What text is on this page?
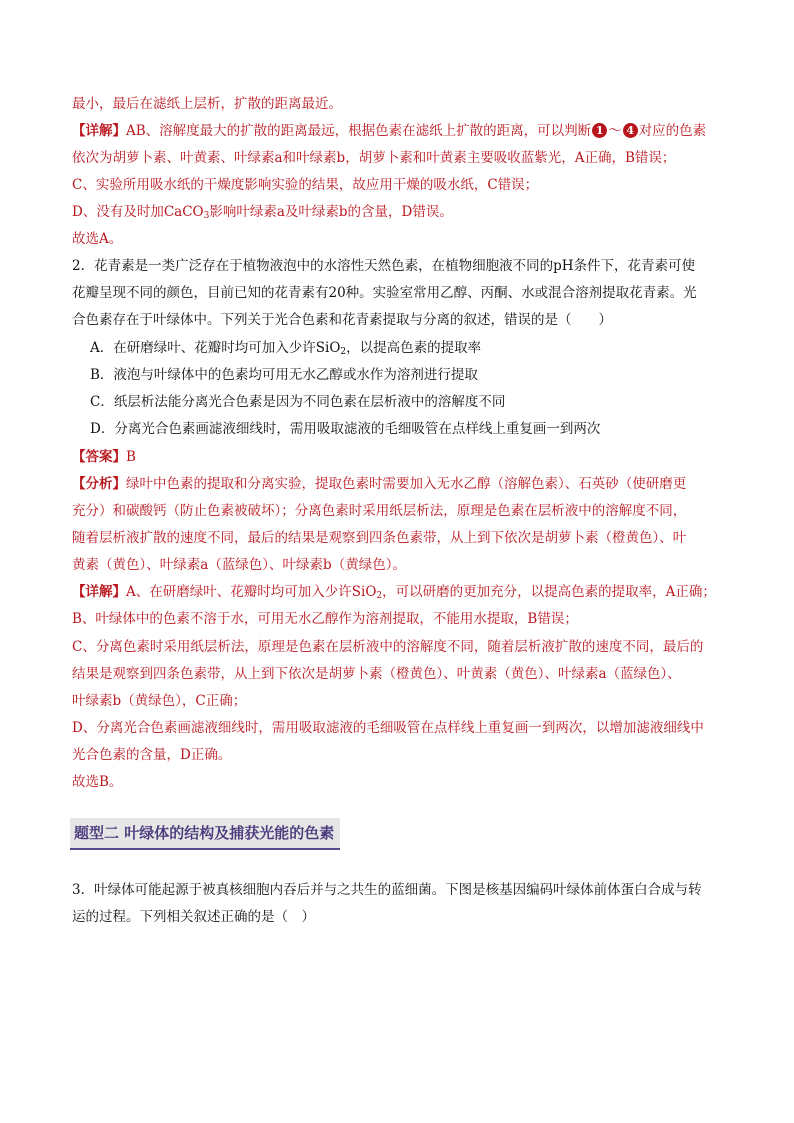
最小，最后在滤纸上层析，扩散的距离最近。
【详解】AB、溶解度最大的扩散的距离最远，根据色素在滤纸上扩散的距离，可以判断 1 ～ 4 对应的色素
依次为胡萝卜素、叶黄素、叶绿素a和叶绿素b，胡萝卜素和叶黄素主要吸收蓝紫光，A正确，B错误；
C、实验所用吸水纸的干燥度影响实验的结果，故应用干燥的吸水纸，C错误；
D、没有及时加CaCO$_3$影响叶绿素a及叶绿素b的含量，D错误。
故选A。
2．花青素是一类广泛存在于植物液泡中的水溶性天然色素，在植物细胞液不同的pH条件下，花青素可使
花瓣呈现不同的颜色，目前已知的花青素有20种。实验室常用乙醇、丙酮、水或混合溶剂提取花青素。光
合色素存在于叶绿体中。下列关于光合色素和花青素提取与分离的叙述，错误的是（　　）
A．在研磨绿叶、花瓣时均可加入少许SiO$_2$，以提高色素的提取率
B．液泡与叶绿体中的色素均可用无水乙醇或水作为溶剂进行提取
C．纸层析法能分离光合色素是因为不同色素在层析液中的溶解度不同
D．分离光合色素画滤液细线时，需用吸取滤液的毛细吸管在点样线上重复画一到两次
【答案】B
【分析】绿叶中色素的提取和分离实验，提取色素时需要加入无水乙醇（溶解色素）、石英砂（使研磨更
充分）和碳酸钙（防止色素被破坏）；分离色素时采用纸层析法，原理是色素在层析液中的溶解度不同，
随着层析液扩散的速度不同，最后的结果是观察到四条色素带，从上到下依次是胡萝卜素（橙黄色）、叶
黄素（黄色）、叶绿素a（蓝绿色）、叶绿素b（黄绿色）。
【详解】A、在研磨绿叶、花瓣时均可加入少许SiO$_2$，可以研磨的更加充分，以提高色素的提取率，A正确；
B、叶绿体中的色素不溶于水，可用无水乙醇作为溶剂提取，不能用水提取，B错误；
C、分离色素时采用纸层析法，原理是色素在层析液中的溶解度不同，随着层析液扩散的速度不同，最后的
结果是观察到四条色素带，从上到下依次是胡萝卜素（橙黄色）、叶黄素（黄色）、叶绿素a（蓝绿色）、
叶绿素b（黄绿色），C正确；
D、分离光合色素画滤液细线时，需用吸取滤液的毛细吸管在点样线上重复画一到两次，以增加滤液细线中
光合色素的含量，D正确。
故选B。
题型二 叶绿体的结构及捕获光能的色素
3．叶绿体可能起源于被真核细胞内吞后并与之共生的蓝细菌。下图是核基因编码叶绿体前体蛋白合成与转
运的过程。下列相关叙述正确的是（　）
